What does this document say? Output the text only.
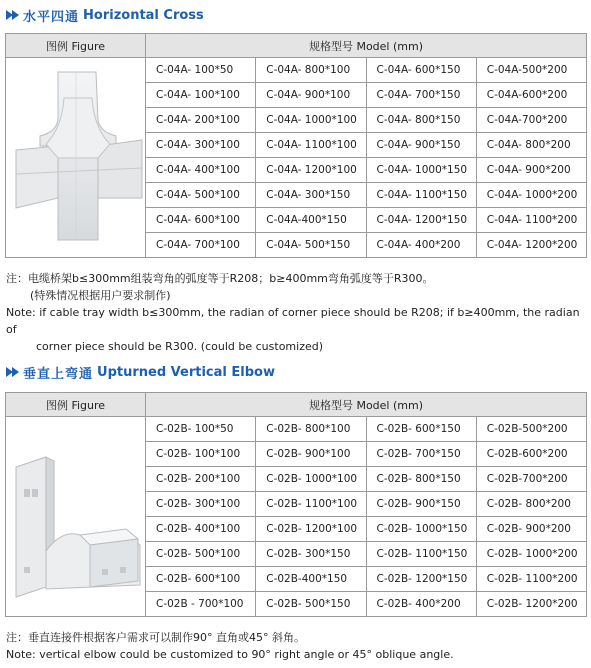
水平四通 Horizontal Cross
图例 Figure	规格型号 Model (mm)			
	C-04A- 100*50	C-04A- 800*100	C-04A- 600*150	C-04A-500*200
	C-04A- 100*100	C-04A- 900*100	C-04A- 700*150	C-04A-600*200
	C-04A- 200*100	C-04A- 1000*100	C-04A- 800*150	C-04A-700*200
	C-04A- 300*100	C-04A- 1100*100	C-04A- 900*150	C-04A- 800*200
	C-04A- 400*100	C-04A- 1200*100	C-04A- 1000*150	C-04A- 900*200
	C-04A- 500*100	C-04A- 300*150	C-04A- 1100*150	C-04A- 1000*200
	C-04A- 600*100	C-04A-400*150	C-04A- 1200*150	C-04A- 1100*200
	C-04A- 700*100	C-04A- 500*150	C-04A- 400*200	C-04A- 1200*200
注：电缆桥架b≤300mm组装弯角的弧度等于R208；b≥400mm弯角弧度等于R300。
(特殊情况根据用户要求制作)
Note: if cable tray width b≤300mm, the radian of corner piece should be R208; if b≥400mm, the radian of
corner piece should be R300. (could be customized)
垂直上弯通 Upturned Vertical Elbow
图例 Figure	规格型号 Model (mm)			
	C-02B- 100*50	C-02B- 800*100	C-02B- 600*150	C-02B-500*200
	C-02B- 100*100	C-02B- 900*100	C-02B- 700*150	C-02B-600*200
	C-02B- 200*100	C-02B- 1000*100	C-02B- 800*150	C-02B-700*200
	C-02B- 300*100	C-02B- 1100*100	C-02B- 900*150	C-02B- 800*200
	C-02B- 400*100	C-02B- 1200*100	C-02B- 1000*150	C-02B- 900*200
	C-02B- 500*100	C-02B- 300*150	C-02B- 1100*150	C-02B- 1000*200
	C-02B- 600*100	C-02B-400*150	C-02B- 1200*150	C-02B- 1100*200
	C-02B - 700*100	C-02B- 500*150	C-02B- 400*200	C-02B- 1200*200
注：垂直连接件根据客户需求可以制作90° 直角或45° 斜角。
Note: vertical elbow could be customized to 90° right angle or 45° oblique angle.
